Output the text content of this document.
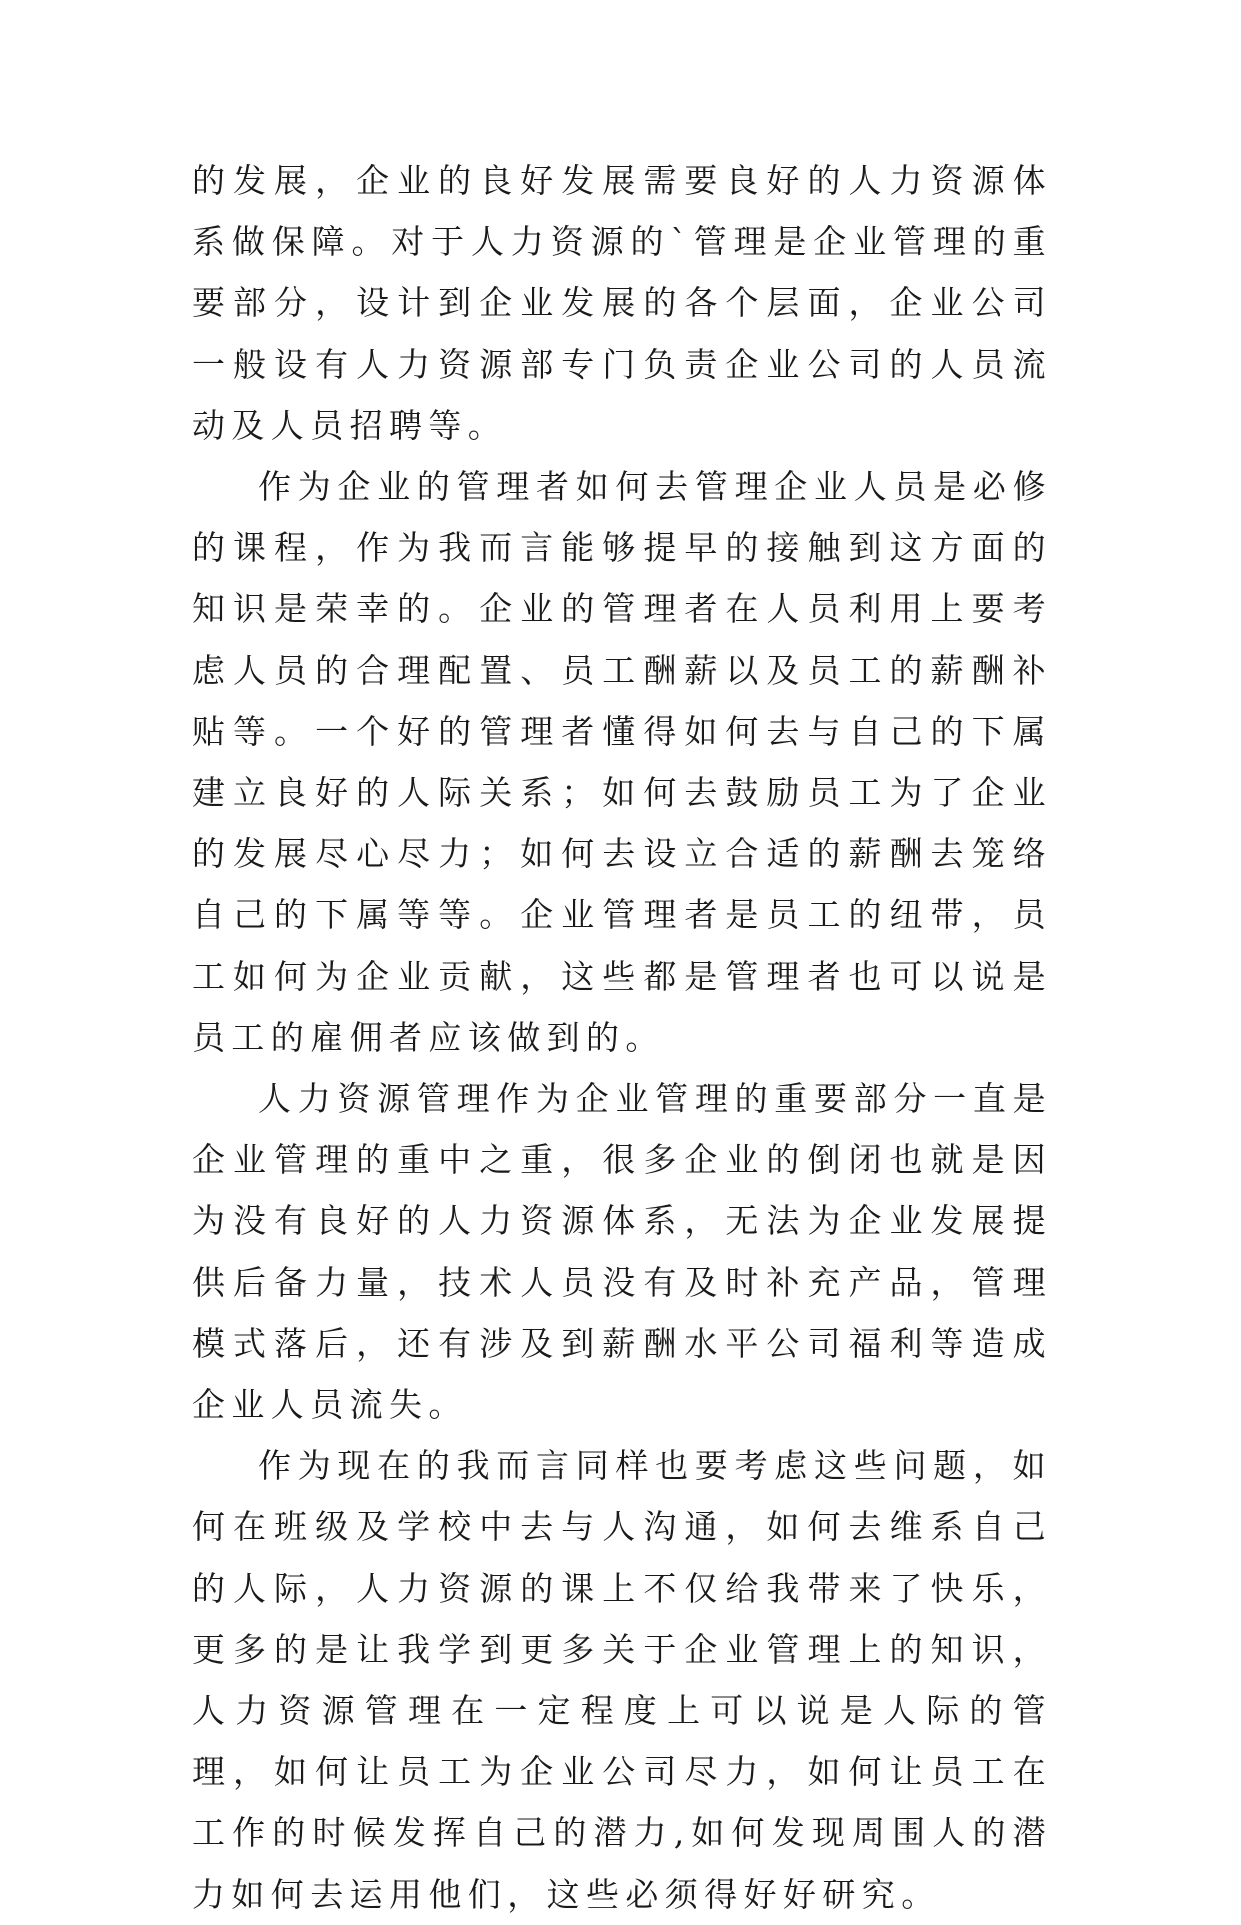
的发展，企业的良好发展需要良好的人力资源体系做保障。对于人力资源的`管理是企业管理的重要部分，设计到企业发展的各个层面，企业公司一般设有人力资源部专门负责企业公司的人员流动及人员招聘等。

作为企业的管理者如何去管理企业人员是必修的课程，作为我而言能够提早的接触到这方面的知识是荣幸的。企业的管理者在人员利用上要考虑人员的合理配置、员工酬薪以及员工的薪酬补贴等。一个好的管理者懂得如何去与自己的下属建立良好的人际关系；如何去鼓励员工为了企业的发展尽心尽力；如何去设立合适的薪酬去笼络自己的下属等等。企业管理者是员工的纽带，员工如何为企业贡献，这些都是管理者也可以说是员工的雇佣者应该做到的。

人力资源管理作为企业管理的重要部分一直是企业管理的重中之重，很多企业的倒闭也就是因为没有良好的人力资源体系，无法为企业发展提供后备力量，技术人员没有及时补充产品，管理模式落后，还有涉及到薪酬水平公司福利等造成企业人员流失。

作为现在的我而言同样也要考虑这些问题，如何在班级及学校中去与人沟通，如何去维系自己的人际，人力资源的课上不仅给我带来了快乐，更多的是让我学到更多关于企业管理上的知识，人力资源管理在一定程度上可以说是人际的管理，如何让员工为企业公司尽力，如何让员工在工作的时候发挥自己的潜力,如何发现周围人的潜力如何去运用他们，这些必须得好好研究。
